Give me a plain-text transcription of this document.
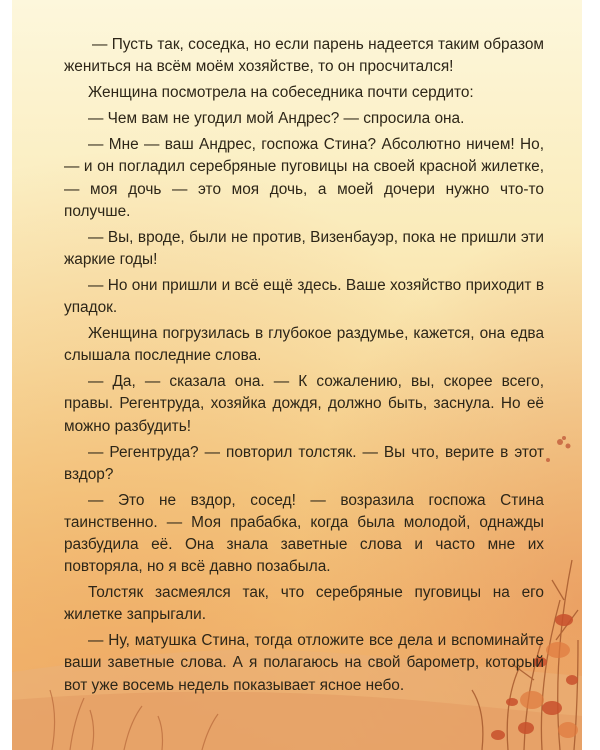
— Пусть так, соседка, но если парень надеется таким образом жениться на всём моём хозяйстве, то он просчитался!

Женщина посмотрела на собеседника почти сердито:

— Чем вам не угодил мой Андрес? — спросила она.

— Мне — ваш Андрес, госпожа Стина? Абсолютно ничем! Но, — и он погладил серебряные пуговицы на своей красной жилетке, — моя дочь — это моя дочь, а моей дочери нужно что-то получше.

— Вы, вроде, были не против, Визенбауэр, пока не пришли эти жаркие годы!

— Но они пришли и всё ещё здесь. Ваше хозяйство приходит в упадок.

Женщина погрузилась в глубокое раздумье, кажется, она едва слышала последние слова.

— Да, — сказала она. — К сожалению, вы, скорее всего, правы. Регентруда, хозяйка дождя, должно быть, заснула. Но её можно разбудить!

— Регентруда? — повторил толстяк. — Вы что, верите в этот вздор?

— Это не вздор, сосед! — возразила госпожа Стина таинственно. — Моя прабабка, когда была молодой, однажды разбудила её. Она знала заветные слова и часто мне их повторяла, но я всё давно позабыла.

Толстяк засмеялся так, что серебряные пуговицы на его жилетке запрыгали.

— Ну, матушка Стина, тогда отложите все дела и вспоминайте ваши заветные слова. А я полагаюсь на свой барометр, который вот уже восемь недель показывает ясное небо.
